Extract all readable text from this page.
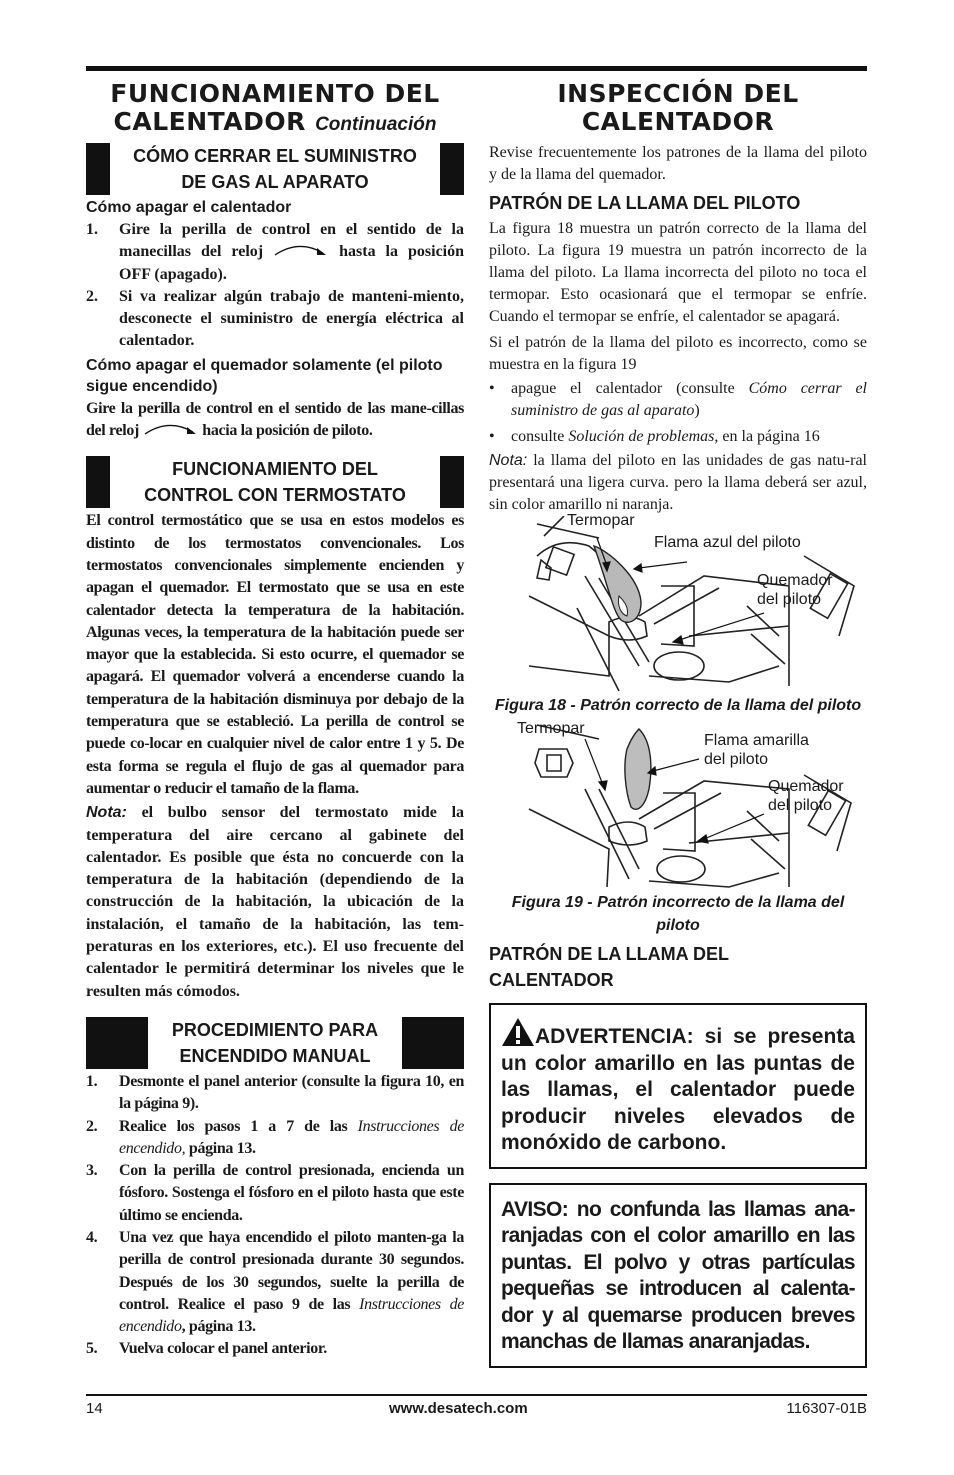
FUNCIONAMIENTO DEL
CALENTADOR Continuación
CÓMO CERRAR EL SUMINISTRO
DE GAS AL APARATO
Cómo apagar el calentador
1. Gire la perilla de control en el sentido de la manecillas del reloj	hasta la posición OFF (apagado).
2. Si va realizar algún trabajo de manteni-miento, desconecte el suministro de energía eléctrica al calentador.
Cómo apagar el quemador solamente (el piloto sigue encendido)

Gire la perilla de control en el sentido de las mane-cillas del reloj	hacia la posición de piloto.

FUNCIONAMIENTO DEL
CONTROL CON TERMOSTATO

El control termostático que se usa en estos modelos es distinto de los termostatos convencionales. Los termostatos convencionales simplemente encienden y apagan el quemador. El termostato que se usa en este calentador detecta la temperatura de la habitación. Algunas veces, la temperatura de la habitación puede ser mayor que la establecida. Si esto ocurre, el quemador se apagará. El quemador volverá a encenderse cuando la temperatura de la habitación disminuya por debajo de la temperatura que se estableció. La perilla de control se puede co-locar en cualquier nivel de calor entre 1 y 5. De esta forma se regula el flujo de gas al quemador para aumentar o reducir el tamaño de la flama.

Nota: el bulbo sensor del termostato mide la temperatura del aire cercano al gabinete del calentador. Es posible que ésta no concuerde con la temperatura de la habitación (dependiendo de la construcción de la habitación, la ubicación de la instalación, el tamaño de la habitación, las tem-peraturas en los exteriores, etc.). El uso frecuente del calentador le permitirá determinar los niveles que le resulten más cómodos.

PROCEDIMIENTO PARA
ENCENDIDO MANUAL
1. Desmonte el panel anterior (consulte la figura 10, en la página 9).
2. Realice los pasos 1 a 7 de las Instrucciones de encendido, página 13.
3. Con la perilla de control presionada, encienda un fósforo. Sostenga el fósforo en el piloto hasta que este último se encienda.
4. Una vez que haya encendido el piloto manten-ga la perilla de control presionada durante 30 segundos. Después de los 30 segundos, suelte la perilla de control. Realice el paso 9 de las Instrucciones de encendido, página 13.
5. Vuelva colocar el panel anterior.
INSPECCIÓN DEL
CALENTADOR

Revise frecuentemente los patrones de la llama del piloto y de la llama del quemador.

PATRÓN DE LA LLAMA DEL PILOTO

La figura 18 muestra un patrón correcto de la llama del piloto. La figura 19 muestra un patrón incorrecto de la llama del piloto. La llama incorrecta del piloto no toca el termopar. Esto ocasionará que el termopar se enfríe. Cuando el termopar se enfríe, el calentador se apagará.

Si el patrón de la llama del piloto es incorrecto, como se muestra en la figura 19

• apague el calentador (consulte Cómo cerrar el suministro de gas al aparato)
• consulte Solución de problemas, en la página 16

Nota: la llama del piloto en las unidades de gas natu-ral presentará una ligera curva. pero la llama deberá ser azul, sin color amarillo ni naranja.

Termopar
Flama azul del piloto
Quemador
del piloto
Figura 18 - Patrón correcto de la llama del piloto
Termopar
Flama amarilla
del piloto
Quemador
del piloto
Figura 19 - Patrón incorrecto de la llama del piloto
PATRÓN DE LA LLAMA DEL
CALENTADOR

ADVERTENCIA: si se presenta un color amarillo en las puntas de las llamas, el calentador puede producir niveles elevados de monóxido de carbono.

AVISO: no confunda las llamas ana-ranjadas con el color amarillo en las puntas. El polvo y otras partículas pequeñas se introducen al calenta-dor y al quemarse producen breves manchas de llamas anaranjadas.

14	www.desatech.com	116307-01B
